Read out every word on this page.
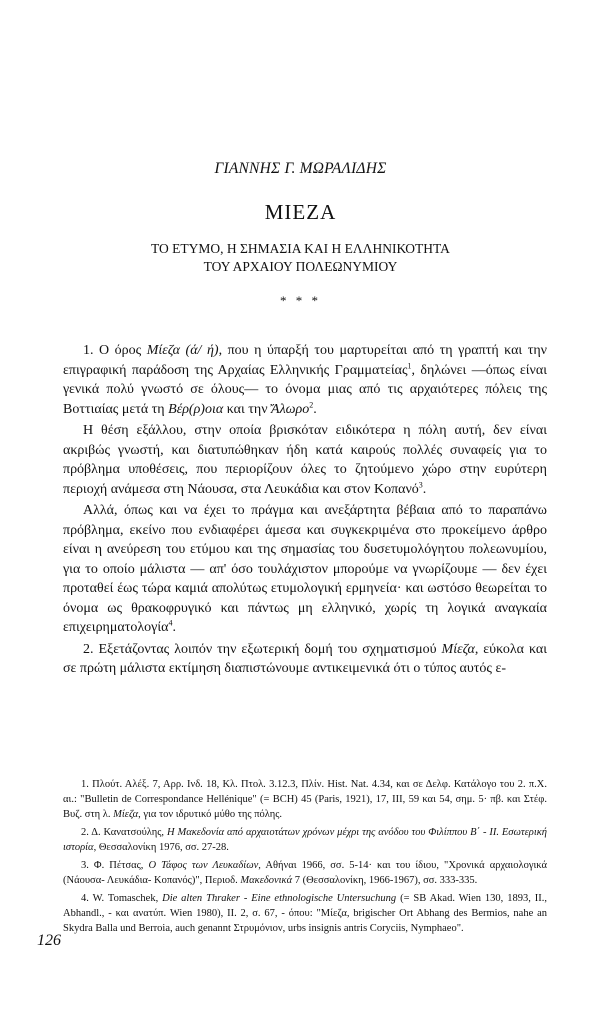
ΓΙΑΝΝΗΣ Γ. ΜΩΡΑΛΙΔΗΣ
ΜΙΕΖΑ
ΤΟ ΕΤΥΜΟ, Η ΣΗΜΑΣΙΑ ΚΑΙ Η ΕΛΛΗΝΙΚΟΤΗΤΑ
ΤΟΥ ΑΡΧΑΙΟΥ ΠΟΛΕΩΝΥΜΙΟΥ
* * *

1. Ο όρος Μίεζα (ά/ ή), που η ύπαρξή του μαρτυρείται από τη γραπτή και την επιγραφική παράδοση της Αρχαίας Ελληνικής Γραμματείας$^1$, δηλώνει —όπως είναι γενικά πολύ γνωστό σε όλους— το όνομα μιας από τις αρχαιότερες πόλεις της Βοττιαίας μετά τη Βέρ(ρ)οια και την Ἄλωρο$^2$.

Η θέση εξάλλου, στην οποία βρισκόταν ειδικότερα η πόλη αυτή, δεν είναι ακριβώς γνωστή, και διατυπώθηκαν ήδη κατά καιρούς πολλές συναφείς για το πρόβλημα υποθέσεις, που περιορίζουν όλες το ζητούμενο χώρο στην ευρύτερη περιοχή ανάμεσα στη Νάουσα, στα Λευκάδια και στον Κοπανό$^3$.

Αλλά, όπως και να έχει το πράγμα και ανεξάρτητα βέβαια από το παραπάνω πρόβλημα, εκείνο που ενδιαφέρει άμεσα και συγκεκριμένα στο προκείμενο άρθρο είναι η ανεύρεση του ετύμου και της σημασίας του δυσετυμολόγητου πολεωνυμίου, για το οποίο μάλιστα — απ' όσο τουλάχιστον μπορούμε να γνωρίζουμε — δεν έχει προταθεί έως τώρα καμιά απολύτως ετυμολογική ερμηνεία· και ωστόσο θεωρείται το όνομα ως θρακοφρυγικό και πάντως μη ελληνικό, χωρίς τη λογικά αναγκαία επιχειρηματολογία$^4$.

2. Εξετάζοντας λοιπόν την εξωτερική δομή του σχηματισμού Μίεζα, εύκολα και σε πρώτη μάλιστα εκτίμηση διαπιστώνουμε αντικειμενικά ότι ο τύπος αυτός ε-

1. Πλούτ. Αλέξ. 7, Αρρ. Ινδ. 18, Κλ. Πτολ. 3.12.3, Πλίν. Hist. Nat. 4.34, και σε Δελφ. Κατάλογο του 2. π.Χ. αι.: "Bulletin de Correspondance Hellénique" (= BCH) 45 (Paris, 1921), 17, III, 59 και 54, σημ. 5· πβ. και Στέφ. Βυζ. στη λ. Μίεζα, για τον ιδρυτικό μύθο της πόλης.

2. Δ. Κανατσούλης, Η Μακεδονία από αρχαιοτάτων χρόνων μέχρι της ανόδου του Φιλίππου Β΄ - ΙΙ. Εσωτερική ιστορία, Θεσσαλονίκη 1976, σσ. 27-28.

3. Φ. Πέτσας, Ο Τάφος των Λευκαδίων, Αθήναι 1966, σσ. 5-14· και του ίδιου, "Χρονικά αρχαιολογικά (Νάουσα- Λευκάδια- Κοπανός)", Περιοδ. Μακεδονικά 7 (Θεσσαλονίκη, 1966-1967), σσ. 333-335.

4. W. Tomaschek, Die alten Thraker - Eine ethnologische Untersuchung (= SB Akad. Wien 130, 1893, II., Abhandl., - και ανατύπ. Wien 1980), II. 2, σ. 67, - όπου: "Μίεζα, brigischer Ort Abhang des Bermios, nahe an Skydra Balla und Berroia, auch genannt Στρυμόνιον, urbs insignis antris Coryciis, Nymphaeo".

126
